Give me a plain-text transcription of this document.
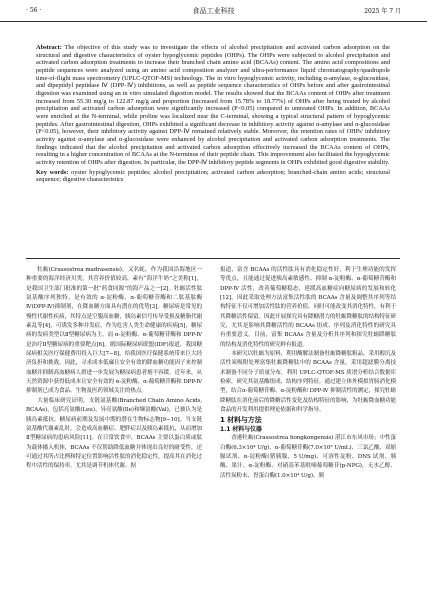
· 56 ·	食品工业科技	2025 年 7 月
Abstract: The objective of this study was to investigate the effects of alcohol precipitation and activated carbon adsorption on the structural and digestive characteristics of oyster hypoglycemic peptides (OHPs). The OHPs were subjected to alcohol precipitation and activated carbon adsorption treatments to increase their branched chain amino acid (BCAAs) content. The amino acid compositions and peptide sequences were analyzed using an amino acid composition analyzer and ultra-performance liquid chromatography/quadrupole time-of-flight mass spectrometry (UPLC-QTOF-MS) technology. The in vitro hypoglycemic activity, including α-amylase, α-glucosidase, and dipeptidyl peptidase Ⅳ (DPP-Ⅳ) inhibitions, as well as peptide sequence characteristics of OHPs before and after gastrointestinal digestion was examined using an in vitro simulated digestion model. The results showed that the BCAAs content of OHPs after treatment increased from 55.30 mg/g to 122.87 mg/g and proportion (increased from 15.78% to 18.77%) of OHPs after being treated by alcohol precipitation and activated carbon adsorption were significantly increased (P<0.05) compared to untreated OHPs. In addition, BCAAs were enriched at the N-terminal, while proline was localized near the C-terminal, showing a typical structural pattern of hypoglycemic peptides. After gastrointestinal digestion, OHPs exhibited a significant decrease in inhibitory activity against α-amylase and α-glucosidase (P<0.05), however, their inhibitory activity against DPP-Ⅳ remained relatively stable. Moreover, the retention rates of OHPs' inhibitory activity against α-amylase and α-glucosidase were enhanced by alcohol precipitation and activated carbon adsorption treatments. The findings indicated that the alcohol precipitation and activated carbon adsorption effectively increased the BCAAs content of OHPs, resulting in a higher concentration of BCAAs at the N-terminus of their peptide chain. This improvement also facilitated the hypoglycemic activity retention of OHPs after digestion. In particular, the DPP-Ⅳ inhibitory peptide segments in OHPs exhibited good digestive stability.
Key words: oyster hypoglycemic peptides; alcohol precipitation; activated carbon adsorption; branched-chain amino acids; structural sequence; digestive characteristics

牡蛎(Crassostrea madrasensis)，又名蚝，作为我国沿海地区一种重要的海洋经济贝类，其营养价值较高，素有“海洋牛奶”之美称[1]，是我国卫生部门批准的第一批“药食同源”的海产品之一[2]。牡蛎活性肽氨基酸序列独特，是有效的 α-淀粉酶、α-葡萄糖苷酶和二肽基肽酶Ⅳ(DPP-Ⅳ)抑制剂，在降血糖方面具有潜在的优势[3]。糖尿病是常见的慢性代谢性疾病，其特点是空腹高血糖，胰岛素信号传导受损及糖脂代谢紊乱等[4]，可诱发多种并发症。作为危害人类生命健康的疾病[5]，糖尿病的发病类型以Ⅱ型糖尿病为主，而 α-淀粉酶、α-葡萄糖苷酶和 DPP-Ⅳ 是治疗Ⅱ型糖尿病的重要靶点[6]。据国际糖尿病联盟(IDF)报道，我国糖尿病相关医疗保健费用投入巨大[7−8]，给我国医疗保健系统带来巨大经济负担和挑战。因此，寻求成本低廉且安全有效的降血糖功能因子来控制血糖并抑制高血糖病人群进一步发展为糖尿病患者刻不容缓。近年来，从天然资源中获得低成本且安全有效的 α-淀粉酶、α-葡萄糖苷酶和 DPP-Ⅳ 抑制剂已成为食品、生物及医药领域关注的热点。

大量临床研究证明，支链氨基酸(Branched Chain Amino Acids, BCAAs)，包括亮氨酸(Leu)、异亮氨酸(Ile)和缬氨酸(Val)，已被认为是胰岛素抵抗、糖尿病前期及发展中期的潜在生物标志物[9−10]。当支链氨基酸代谢紊乱时，会造成高血糖症、肥胖症以及胰岛素抵抗，从而增加Ⅱ型糖尿病的患病风险[11]。在日常饮食中，BCAAs 主要以蛋白质或肽为载体摄入机体，BCAAs 不仅帮助降低血糖并体现出良好的耐受性，还可通过其所占比例和特定位置影响活性肽的消化稳定性，提高其在消化过程中活性的保持率，尤其是调节机体代谢。据

报道，富含 BCAAs 的活性肽具有消化稳定性好，利于生理功能的发挥等优点，且能通过促进胰岛素敏感性、抑制 α-淀粉酶、α-葡萄糖苷酶和 DPP-Ⅳ 活性，改善葡萄糖稳态，延缓高血糖症向糖尿病的发展和转化[12]。因此采取处理方法富集活性肽的 BCAAs 含量及调整其序列等结构特征不仅可增加活性肽的营养价值，同时可能改变其消化特性，有利于其降糖活性保留。因此开展探究具有降糖潜力的牡蛎降糖肽的结构特征研究，尤其是影响其降糖活性的 BCAAs 组成、序列及消化特性的研究具有重要意义。目前，富集 BCAAs 含量及分析其序列和探究牡蛎降糖肽的结构及消化特性的研究鲜有报道。

本研究以牡蛎为原料，利用酶解法制备牡蛎降糖肽粗品，采用醇沉及活性炭吸附处理富集牡蛎降糖肽中的 BCAAs 含量，采用超滤膜分离技术制备不同分子质量分布，利用 UPLC-QTOF-MS 质谱分析结合数据库检索，研究其氨基酸组成、结构序列特征。通过建立体外模拟胃肠消化模型，结合α-葡萄糖苷酶、α-淀粉酶和 DPP-Ⅳ 抑制活性的测定，探究牡蛎降糖肽在消化前后的降糖活性变化及结构特征的影响，为牡蛎降血糖功能食品的开发利用提供理论依据和科学指导。

1 材料与方法

1.1 材料与仪器

香港牡蛎(Crassostrea hongkongensis) 湛江市东风市场；中性蛋白酶(6.3×10⁴ U/g)、α-葡萄糖苷酶(7.0×10³ U/mL)、三氯乙酸、双缩脲试剂、α-淀粉酶(猪胰腺，5 U/mg)、可溶性淀粉、DNS 试剂、胰酶、果汁、α-淀粉酶、对硝基苯基吡喃葡萄糖苷(p-NPG)，无水乙醇、活性炭粉末、胃蛋白酶(1.0×10⁴ U/g)、胰
